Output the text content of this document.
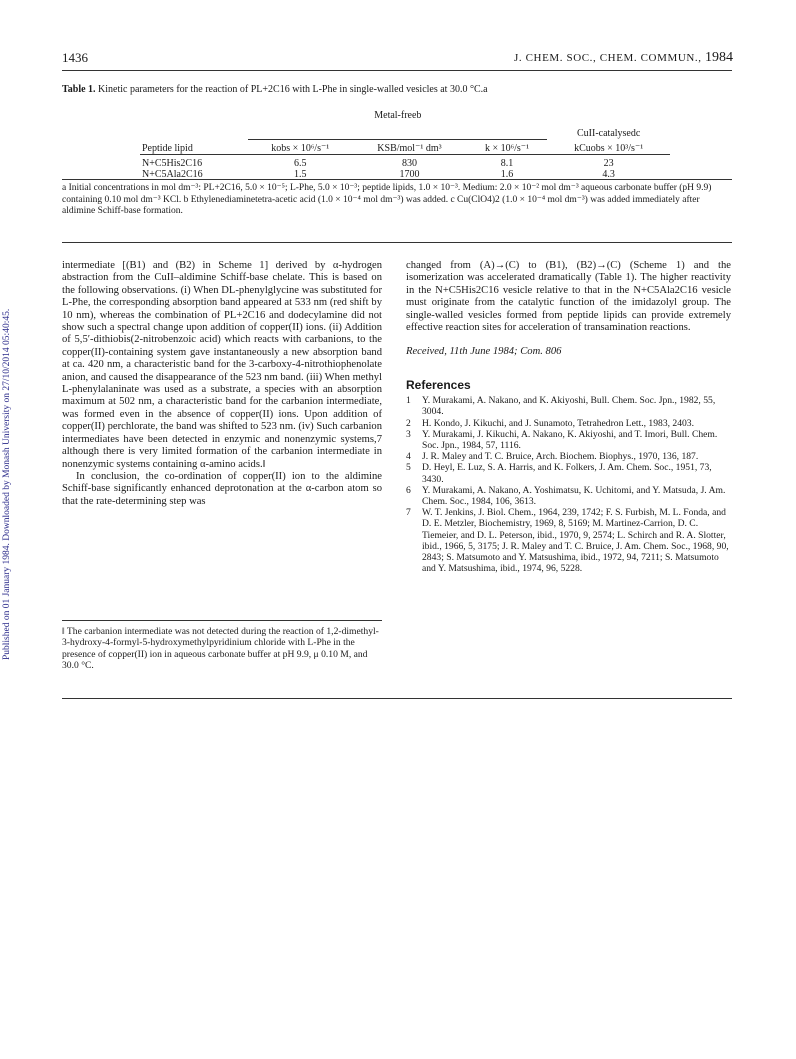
Published on 01 January 1984. Downloaded by Monash University on 27/10/2014 05:40:45.
1436	J. CHEM. SOC., CHEM. COMMUN., 1984
Table 1. Kinetic parameters for the reaction of PL+2C16 with L-Phe in single-walled vesicles at 30.0 °C.a
	Metal-freeb			
				CuII-catalysedc
Peptide lipid	kobs × 10⁶/s⁻¹	KSB/mol⁻¹ dm³	k × 10⁶/s⁻¹	kCuobs × 10³/s⁻¹
N+C5His2C16	6.5	830	8.1	23
N+C5Ala2C16	1.5	1700	1.6	4.3
a Initial concentrations in mol dm⁻³: PL+2C16, 5.0 × 10⁻⁵; L-Phe, 5.0 × 10⁻³; peptide lipids, 1.0 × 10⁻³. Medium: 2.0 × 10⁻² mol dm⁻³ aqueous carbonate buffer (pH 9.9) containing 0.10 mol dm⁻³ KCl. b Ethylenediaminetetra-acetic acid (1.0 × 10⁻⁴ mol dm⁻³) was added. c Cu(ClO4)2 (1.0 × 10⁻⁴ mol dm⁻³) was added immediately after aldimine Schiff-base formation.

intermediate [(B1) and (B2) in Scheme 1] derived by α-hydrogen abstraction from the CuII–aldimine Schiff-base chelate. This is based on the following observations. (i) When DL-phenylglycine was substituted for L-Phe, the corresponding absorption band appeared at 533 nm (red shift by 10 nm), whereas the combination of PL+2C16 and dodecylamine did not show such a spectral change upon addition of copper(II) ions. (ii) Addition of 5,5′-dithiobis(2-nitrobenzoic acid) which reacts with carbanions, to the copper(II)-containing system gave instantaneously a new absorption band at ca. 420 nm, a characteristic band for the 3-carboxy-4-nitrothiophenolate anion, and caused the disappearance of the 523 nm band. (iii) When methyl L-phenylalaninate was used as a substrate, a species with an absorption maximum at 502 nm, a characteristic band for the carbanion intermediate, was formed even in the absence of copper(II) ions. Upon addition of copper(II) perchlorate, the band was shifted to 523 nm. (iv) Such carbanion intermediates have been detected in enzymic and nonenzymic systems,7 although there is very limited formation of the carbanion intermediate in nonenzymic systems containing α-amino acids.‖

In conclusion, the co-ordination of copper(II) ion to the aldimine Schiff-base significantly enhanced deprotonation at the α-carbon atom so that the rate-determining step was

‖ The carbanion intermediate was not detected during the reaction of 1,2-dimethyl-3-hydroxy-4-formyl-5-hydroxymethylpyridinium chloride with L-Phe in the presence of copper(II) ion in aqueous carbonate buffer at pH 9.9, μ 0.10 M, and 30.0 °C.

changed from (A)→(C) to (B1), (B2)→(C) (Scheme 1) and the isomerization was accelerated dramatically (Table 1). The higher reactivity in the N+C5His2C16 vesicle relative to that in the N+C5Ala2C16 vesicle must originate from the catalytic function of the imidazolyl group. The single-walled vesicles formed from peptide lipids can provide extremely effective reaction sites for acceleration of transamination reactions.

Received, 11th June 1984; Com. 806

References

1 Y. Murakami, A. Nakano, and K. Akiyoshi, Bull. Chem. Soc. Jpn., 1982, 55, 3004.

2 H. Kondo, J. Kikuchi, and J. Sunamoto, Tetrahedron Lett., 1983, 2403.

3 Y. Murakami, J. Kikuchi, A. Nakano, K. Akiyoshi, and T. Imori, Bull. Chem. Soc. Jpn., 1984, 57, 1116.

4 J. R. Maley and T. C. Bruice, Arch. Biochem. Biophys., 1970, 136, 187.

5 D. Heyl, E. Luz, S. A. Harris, and K. Folkers, J. Am. Chem. Soc., 1951, 73, 3430.

6 Y. Murakami, A. Nakano, A. Yoshimatsu, K. Uchitomi, and Y. Matsuda, J. Am. Chem. Soc., 1984, 106, 3613.

7 W. T. Jenkins, J. Biol. Chem., 1964, 239, 1742; F. S. Furbish, M. L. Fonda, and D. E. Metzler, Biochemistry, 1969, 8, 5169; M. Martinez-Carrion, D. C. Tiemeier, and D. L. Peterson, ibid., 1970, 9, 2574; L. Schirch and R. A. Slotter, ibid., 1966, 5, 3175; J. R. Maley and T. C. Bruice, J. Am. Chem. Soc., 1968, 90, 2843; S. Matsumoto and Y. Matsushima, ibid., 1972, 94, 7211; S. Matsumoto and Y. Matsushima, ibid., 1974, 96, 5228.
